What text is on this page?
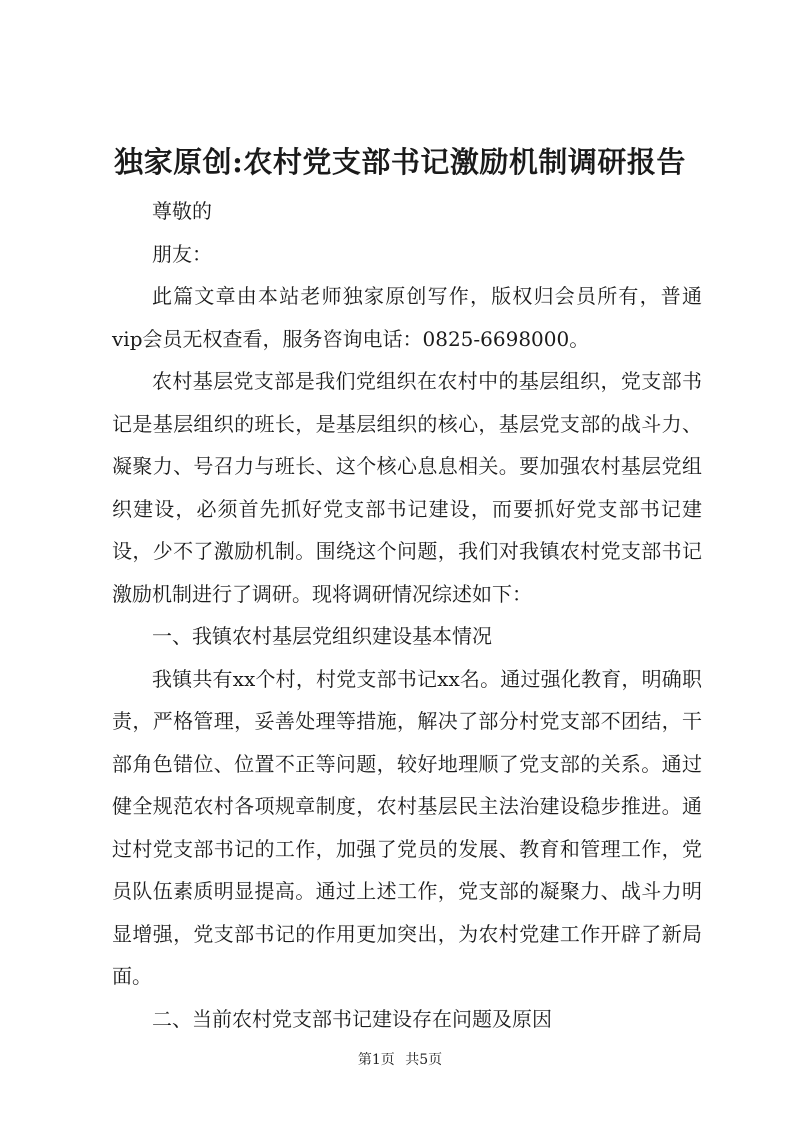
独家原创:农村党支部书记激励机制调研报告

尊敬的

朋友：

此篇文章由本站老师独家原创写作，版权归会员所有，普通vip会员无权查看，服务咨询电话：0825-6698000。

农村基层党支部是我们党组织在农村中的基层组织，党支部书记是基层组织的班长，是基层组织的核心，基层党支部的战斗力、凝聚力、号召力与班长、这个核心息息相关。要加强农村基层党组织建设，必须首先抓好党支部书记建设，而要抓好党支部书记建设，少不了激励机制。围绕这个问题，我们对我镇农村党支部书记激励机制进行了调研。现将调研情况综述如下：

一、我镇农村基层党组织建设基本情况

我镇共有xx个村，村党支部书记xx名。通过强化教育，明确职责，严格管理，妥善处理等措施，解决了部分村党支部不团结，干部角色错位、位置不正等问题，较好地理顺了党支部的关系。通过健全规范农村各项规章制度，农村基层民主法治建设稳步推进。通过村党支部书记的工作，加强了党员的发展、教育和管理工作，党员队伍素质明显提高。通过上述工作，党支部的凝聚力、战斗力明显增强，党支部书记的作用更加突出，为农村党建工作开辟了新局面。

二、当前农村党支部书记建设存在问题及原因

第1页 共5页
